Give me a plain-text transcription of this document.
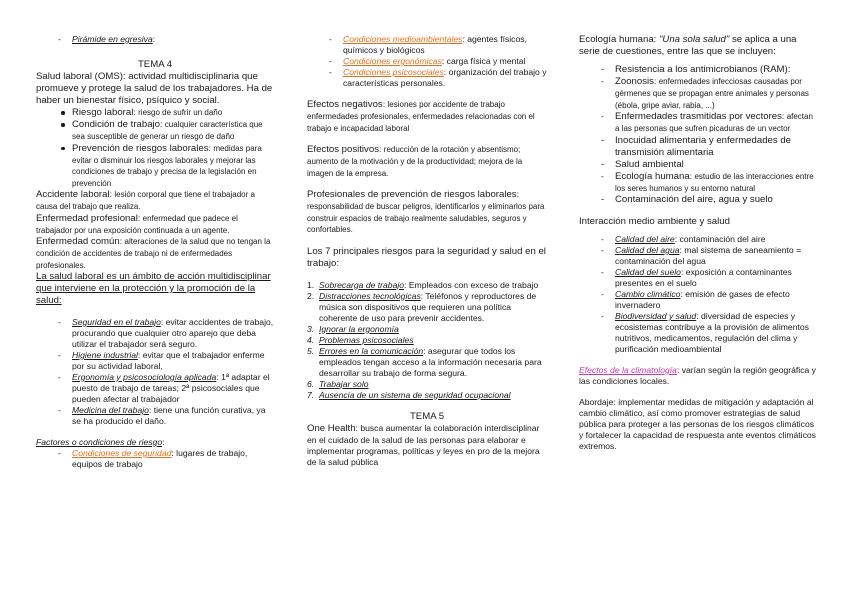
- Pirámide en egresiva:

TEMA 4

Salud laboral (OMS): actividad multidisciplinaria que promueve y protege la salud de los trabajadores. Ha de haber un bienestar físico, psíquico y social.

Riesgo laboral: riesgo de sufrir un daño
Condición de trabajo: cualquier característica que sea susceptible de generar un riesgo de daño
Prevención de riesgos laborales: medidas para evitar o disminuir los riesgos laborales y mejorar las condiciones de trabajo y precisa de la legislación en prevención

Accidente laboral: lesión corporal que tiene el trabajador a causa del trabajo que realiza.

Enfermedad profesional: enfermedad que padece el trabajador por una exposición continuada a un agente.

Enfermedad común: alteraciones de la salud que no tengan la condición de accidentes de trabajo ni de enfermedades profesionales.

La salud laboral es un ámbito de acción multidisciplinar que interviene en la protección y la promoción de la salud:

- Seguridad en el trabajo: evitar accidentes de trabajo, procurando que cualquier otro aparejo que deba utilizar el trabajador será seguro.
- Higiene industrial: evitar que el trabajador enferme por su actividad laboral,
- Ergonomía y psicosociología aplicada: 1ª adaptar el puesto de trabajo de tareas; 2ª psicosociales que pueden afectar al trabajador
- Medicina del trabajo: tiene una función curativa, ya se ha producido el daño.

Factores o condiciones de riesgo:

- Condiciones de seguridad: lugares de trabajo, equipos de trabajo
- Condiciones medioambientales: agentes físicos, químicos y biológicos
- Condiciones ergonómicas: carga física y mental
- Condiciones psicosociales: organización del trabajo y características personales.

Efectos negativos: lesiones por accidente de trabajo enfermedades profesionales, enfermedades relacionadas con el trabajo e incapacidad laboral

Efectos positivos: reducción de la rotación y absentismo; aumento de la motivación y de la productividad; mejora de la imagen de la empresa.

Profesionales de prevención de riesgos laborales: responsabilidad de buscar peligros, identificarlos y eliminarlos para construir espacios de trabajo realmente saludables, seguros y confortables.

Los 7 principales riesgos para la seguridad y salud en el trabajo:

1. Sobrecarga de trabajo: Empleados con exceso de trabajo
2. Distracciones tecnológicas: Teléfonos y reproductores de música son dispositivos que requieren una política coherente de uso para prevenir accidentes.
3. Ignorar la ergonomía
4. Problemas psicosociales
5. Errores en la comunicación: asegurar que todos los empleados tengan acceso a la información necesaria para desarrollar su trabajo de forma segura.
6. Trabajar solo
7. Ausencia de un sistema de seguridad ocupacional

TEMA 5

One Health: busca aumentar la colaboración interdisciplinar en el cuidado de la salud de las personas para elaborar e implementar programas, políticas y leyes en pro de la mejora de la salud pública

Ecología humana: "Una sola salud" se aplica a una serie de cuestiones, entre las que se incluyen:

- Resistencia a los antimicrobianos (RAM):
- Zoonosis: enfermedades infecciosas causadas por gérmenes que se propagan entre animales y personas (ébola, gripe aviar, rabia, ...)
- Enfermedades trasmitidas por vectores: afectan a las personas que sufren picaduras de un vector
- Inocuidad alimentaria y enfermedades de transmisión alimentaria
- Salud ambiental
- Ecología humana: estudio de las interacciones entre los seres humanos y su entorno natural
- Contaminación del aire, agua y suelo

Interacción medio ambiente y salud

- Calidad del aire: contaminación del aire
- Calidad del agua: mal sistema de saneamiento = contaminación del agua
- Calidad del suelo: exposición a contaminantes presentes en el suelo
- Cambio climático: emisión de gases de efecto invernadero
- Biodiversidad y salud: diversidad de especies y ecosistemas contribuye a la provisión de alimentos nutritivos, medicamentos, regulación del clima y purificación medioambiental

Efectos de la climatología: varían según la región geográfica y las condiciones locales.

Abordaje: implementar medidas de mitigación y adaptación al cambio climático, así como promover estrategias de salud pública para proteger a las personas de los riesgos climáticos y fortalecer la capacidad de respuesta ante eventos climáticos extremos.
